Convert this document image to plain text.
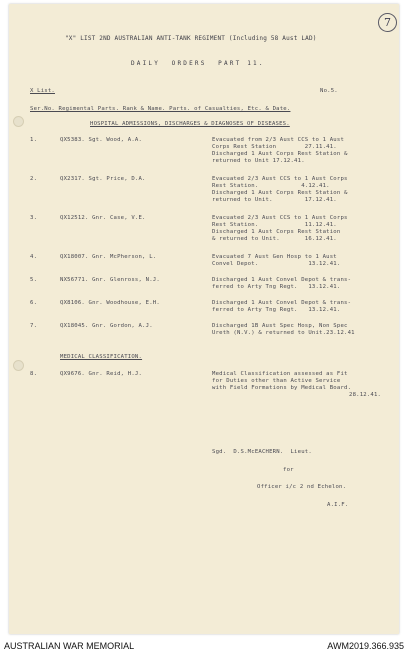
7
"X" LIST 2ND AUSTRALIAN ANTI-TANK REGIMENT (Including 58 Aust LAD)
DAILY  ORDERS  PART 11.
X List.	No.5.
Ser.No. Regimental Parts. Rank & Name. Parts. of Casualties, Etc. & Date.
HOSPITAL ADMISSIONS, DISCHARGES & DIAGNOSES OF DISEASES.
1.	QX5383. Sgt. Wood, A.A.	Evacuated from 2/3 Aust CCS to 1 Aust
Corps Rest Station        27.11.41.
Discharged 1 Aust Corps Rest Station &
returned to Unit 17.12.41.
2.	QX2317. Sgt. Price, D.A.	Evacuated 2/3 Aust CCS to 1 Aust Corps
Rest Station.            4.12.41.
Discharged 1 Aust Corps Rest Station &
returned to Unit.         17.12.41.
3.	QX12512. Gnr. Case, V.E.	Evacuated 2/3 Aust CCS to 1 Aust Corps
Rest Station.             11.12.41.
Discharged 1 Aust Corps Rest Station
& returned to Unit.       16.12.41.
4.	QX18007. Gnr. McPherson, L.	Evacuated 7 Aust Gen Hosp to 1 Aust
Convel Depot.              13.12.41.
5.	NX56771. Gnr. Glenross, N.J.	Discharged 1 Aust Convel Depot & trans-
ferred to Arty Tng Regt.   13.12.41.
6.	QX8106. Gnr. Woodhouse, E.H.	Discharged 1 Aust Convel Depot & trans-
ferred to Arty Tng Regt.   13.12.41.
7.	QX18045. Gnr. Gordon, A.J.	Discharged 1B Aust Spec Hosp, Non Spec
Ureth (N.V.) & returned to Unit.23.12.41
MEDICAL CLASSIFICATION.
8.	QX9676. Gnr. Reid, H.J.	Medical Classification assessed as Fit
for Duties other than Active Service
with Field Formations by Medical Board.
28.12.41.
Sgd.  D.S.McEACHERN.  Lieut.
for
Officer i/c 2 nd Echelon.
A.I.F.
AUSTRALIAN WAR MEMORIAL	AWM2019.366.935
